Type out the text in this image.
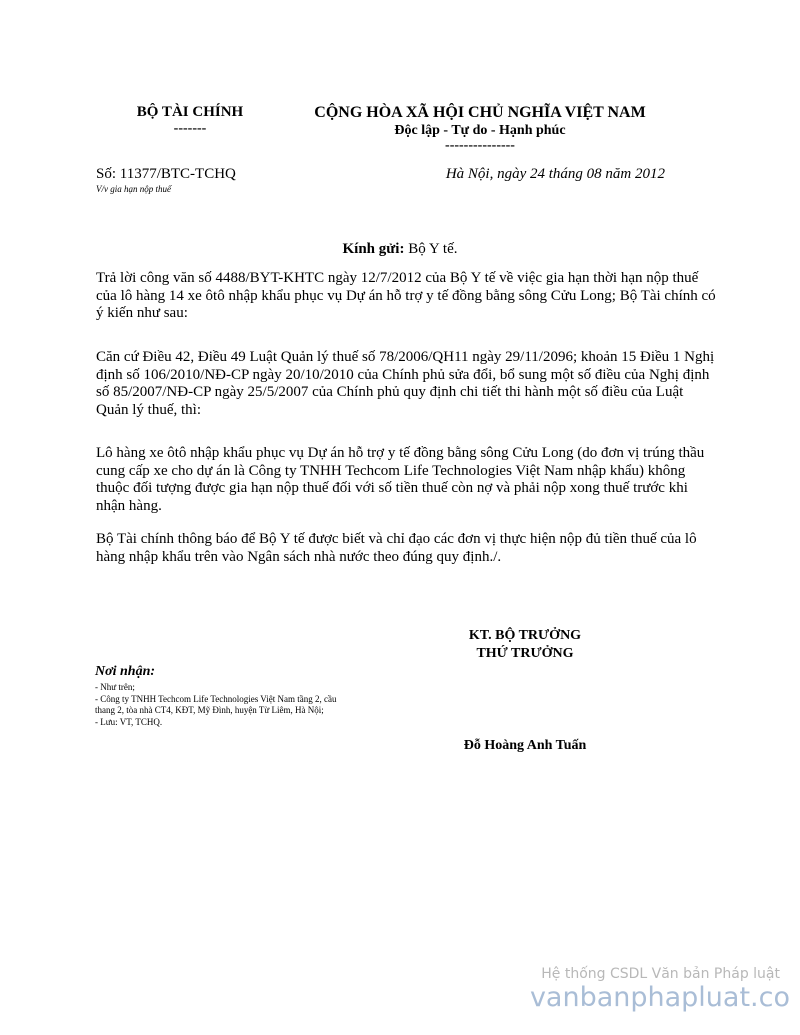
BỘ TÀI CHÍNH
-------
CỘNG HÒA XÃ HỘI CHỦ NGHĨA VIỆT NAM
Độc lập - Tự do - Hạnh phúc
---------------
Số: 11377/BTC-TCHQ
V/v gia hạn nộp thuế
Hà Nội, ngày 24 tháng 08 năm 2012
Kính gửi: Bộ Y tế.
Trả lời công văn số 4488/BYT-KHTC ngày 12/7/2012 của Bộ Y tế về việc gia hạn thời hạn nộp thuế của lô hàng 14 xe ôtô nhập khẩu phục vụ Dự án hỗ trợ y tế đồng bằng sông Cửu Long; Bộ Tài chính có ý kiến như sau:
Căn cứ Điều 42, Điều 49 Luật Quản lý thuế số 78/2006/QH11 ngày 29/11/2096; khoản 15 Điều 1 Nghị định số 106/2010/NĐ-CP ngày 20/10/2010 của Chính phủ sửa đổi, bổ sung một số điều của Nghị định số 85/2007/NĐ-CP ngày 25/5/2007 của Chính phủ quy định chi tiết thi hành một số điều của Luật Quản lý thuế, thì:
Lô hàng xe ôtô nhập khẩu phục vụ Dự án hỗ trợ y tế đồng bằng sông Cửu Long (do đơn vị trúng thầu cung cấp xe cho dự án là Công ty TNHH Techcom Life Technologies Việt Nam nhập khẩu) không thuộc đối tượng được gia hạn nộp thuế đối với số tiền thuế còn nợ và phải nộp xong thuế trước khi nhận hàng.
Bộ Tài chính thông báo để Bộ Y tế được biết và chỉ đạo các đơn vị thực hiện nộp đủ tiền thuế của lô hàng nhập khẩu trên vào Ngân sách nhà nước theo đúng quy định./.
KT. BỘ TRƯỞNG
THỨ TRƯỞNG
Đỗ Hoàng Anh Tuấn
Nơi nhận:
- Như trên;
- Công ty TNHH Techcom Life Technologies Việt Nam tầng 2, cầu thang 2, tòa nhà CT4, KĐT, Mỹ Đình, huyện Từ Liêm, Hà Nội;
- Lưu: VT, TCHQ.
Hệ thống CSDL Văn bản Pháp luật
vanbanphapluat.co
